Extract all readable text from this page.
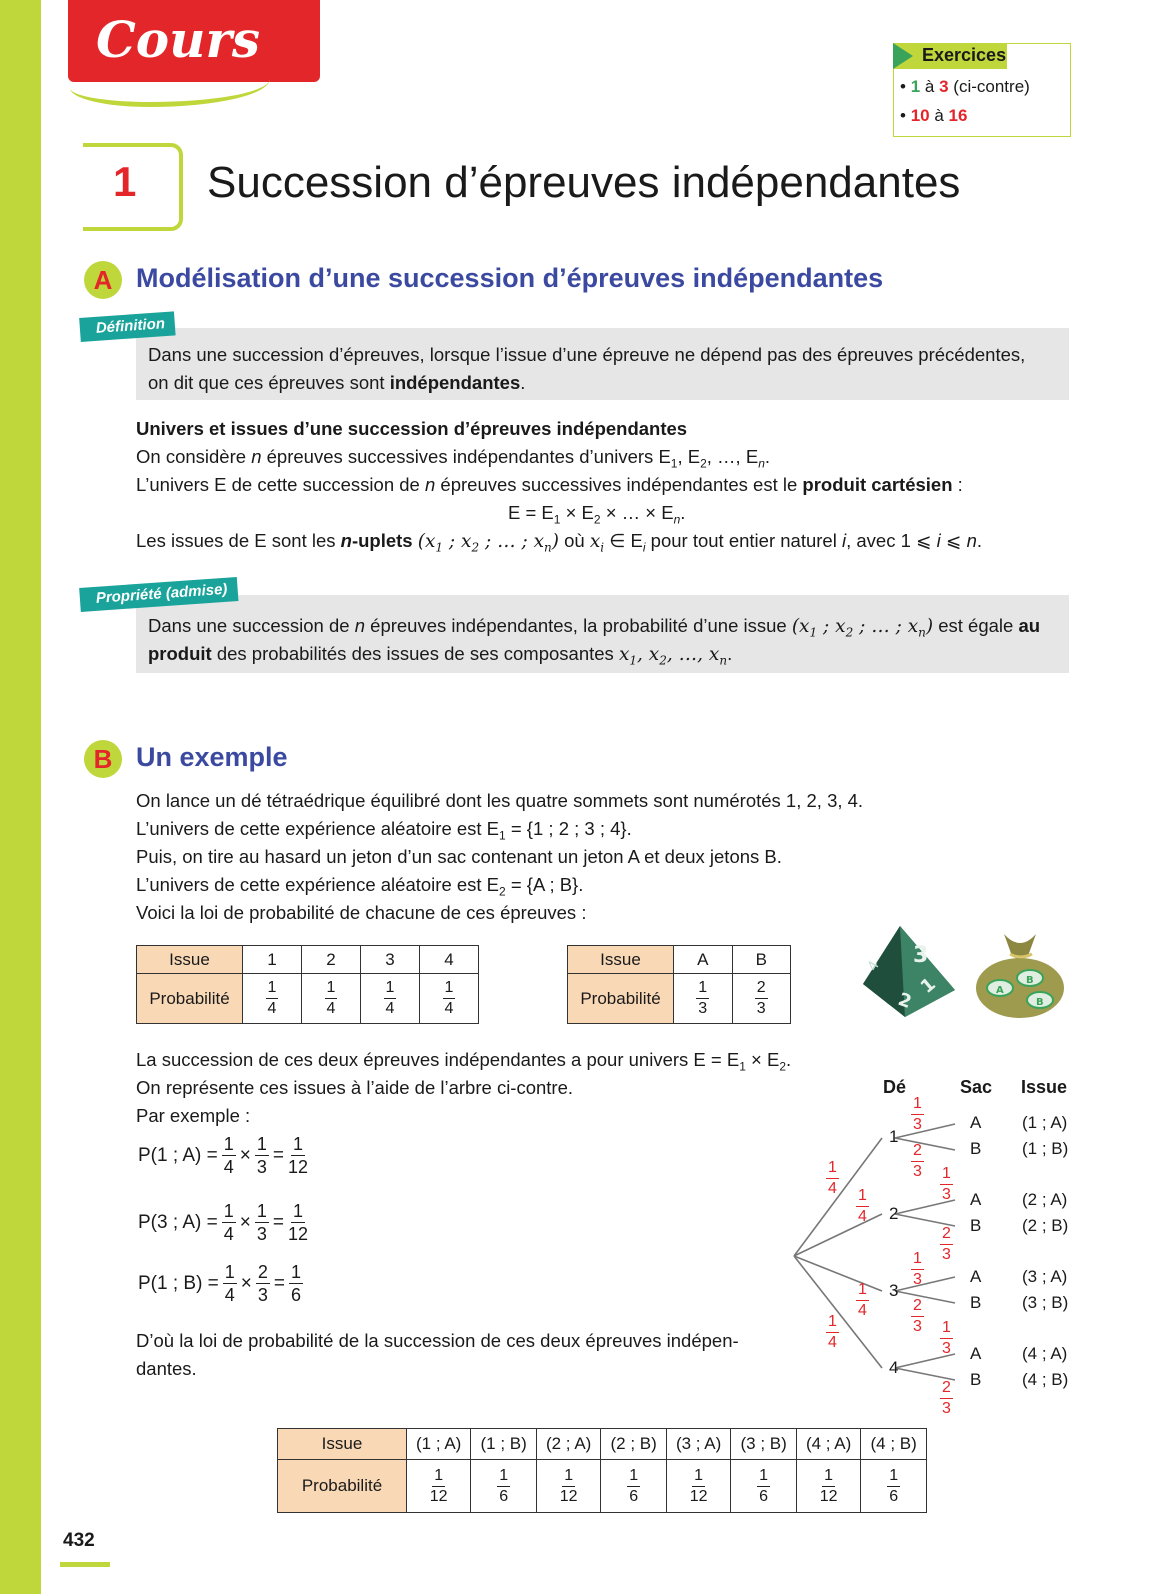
Cours	Exercices
• 1 à 3 (ci-contre)
• 10 à 16
1 Succession d’épreuves indépendantes
A Modélisation d’une succession d’épreuves indépendantes
Définition
Dans une succession d’épreuves, lorsque l’issue d’une épreuve ne dépend pas des épreuves précédentes,
on dit que ces épreuves sont indépendantes.
Univers et issues d’une succession d’épreuves indépendantes
On considère n épreuves successives indépendantes d’univers $E_1$, $E_2$, …, $E_n$.
L’univers E de cette succession de n épreuves successives indépendantes est le produit cartésien :
$E = E_1 \times E_2$ × … × $E_n$.
Les issues de E sont les n-uplets ($x_1$ ; $x_2$ ; … ; $x_n$) où $x_i$ ∈ $E_i$ pour tout entier naturel i, avec 1 ⩽ i ⩽ n.
Propriété (admise)
Dans une succession de n épreuves indépendantes, la probabilité d’une issue ($x_1$ ; $x_2$ ; … ; $x_n$) est égale au
produit des probabilités des issues de ses composantes $x_1$, $x_2$, …, $x_n$.
B Un exemple
On lance un dé tétraédrique équilibré dont les quatre sommets sont numérotés 1, 2, 3, 4.
L’univers de cette expérience aléatoire est $E_1 = \{1$ ; 2 ; 3 ; 4}.
Puis, on tire au hasard un jeton d’un sac contenant un jeton A et deux jetons B.
L’univers de cette expérience aléatoire est $E_2 = \{A$ ; B}.
Voici la loi de probabilité de chacune de ces épreuves :
Issue	1	2	3	4
Probabilité	$\frac{1}{4}$	$\frac{1}{4}$	$\frac{1}{4}$	$\frac{1}{4}$
Issue	A	B
Probabilité	$\frac{1}{3}$	$\frac{2}{3}$
3
1
2
4
A
B
B
La succession de ces deux épreuves indépendantes a pour univers $E = E_1 \times E_2$.
On représente ces issues à l’aide de l’arbre ci-contre.
Par exemple :
P(1 ; $A) = \frac{1}{4} \times \frac{1}{3} = \frac{1}{12}$
P(3 ; $A) = \frac{1}{4} \times \frac{1}{3} = \frac{1}{12}$
P(1 ; $B) = \frac{1}{4} \times \frac{2}{3} = \frac{1}{6}$
D’où la loi de probabilité de la succession de ces deux épreuves indépen-
dantes.
Dé	Sac Issue
1
2
3
4
$\frac{1}{4}$
$\frac{1}{4}$
$\frac{1}{4}$
$\frac{1}{4}$
$\frac{1}{3}$
$\frac{2}{3}$
$\frac{1}{3}$
$\frac{2}{3}$
$\frac{1}{3}$
$\frac{2}{3}$
$\frac{1}{3}$
$\frac{2}{3}$
A
B
A
B
A
B
A
B
(1 ; A)
(1 ; B)
(2 ; A)
(2 ; B)
(3 ; A)
(3 ; B)
(4 ; A)
(4 ; B)
Issue	(1 ; A)	(1 ; B)	(2 ; A)	(2 ; B)	(3 ; A)	(3 ; B)	(4 ; A)	(4 ; B)
Probabilité	$\frac{1}{12}$	$\frac{1}{6}$	$\frac{1}{12}$	$\frac{1}{6}$	$\frac{1}{12}$	$\frac{1}{6}$	$\frac{1}{12}$	$\frac{1}{6}$
432
